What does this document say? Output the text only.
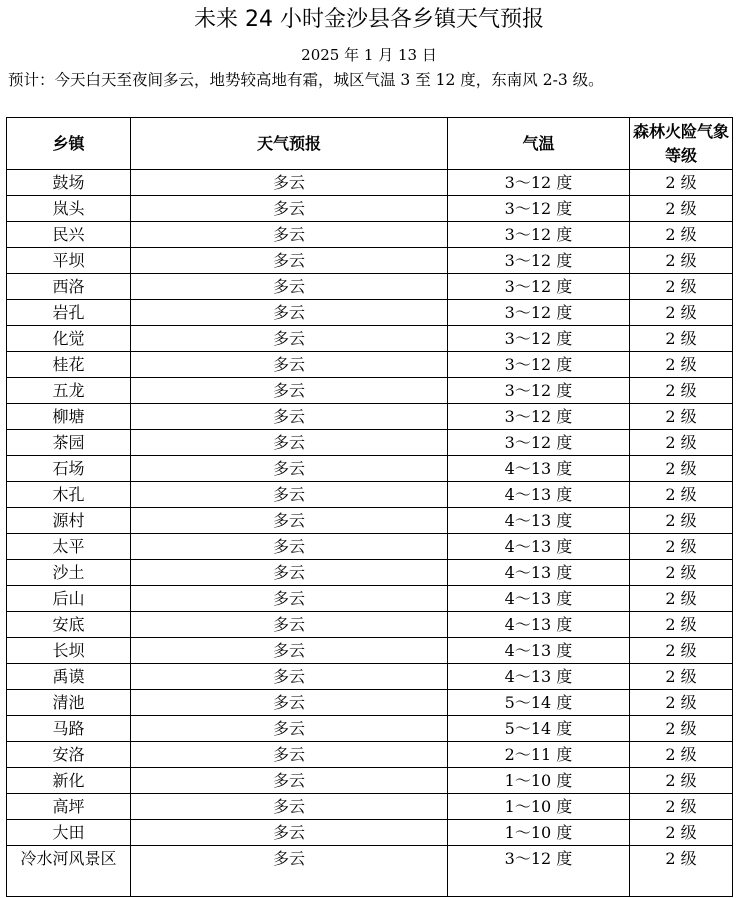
未来 24 小时金沙县各乡镇天气预报
2025 年 1 月 13 日
预计：今天白天至夜间多云，地势较高地有霜，城区气温 3 至 12 度，东南风 2-3 级。
乡镇	天气预报	气温	森林火险气象等级
鼓场	多云	3～12 度	2 级
岚头	多云	3～12 度	2 级
民兴	多云	3～12 度	2 级
平坝	多云	3～12 度	2 级
西洛	多云	3～12 度	2 级
岩孔	多云	3～12 度	2 级
化觉	多云	3～12 度	2 级
桂花	多云	3～12 度	2 级
五龙	多云	3～12 度	2 级
柳塘	多云	3～12 度	2 级
茶园	多云	3～12 度	2 级
石场	多云	4～13 度	2 级
木孔	多云	4～13 度	2 级
源村	多云	4～13 度	2 级
太平	多云	4～13 度	2 级
沙土	多云	4～13 度	2 级
后山	多云	4～13 度	2 级
安底	多云	4～13 度	2 级
长坝	多云	4～13 度	2 级
禹谟	多云	4～13 度	2 级
清池	多云	5～14 度	2 级
马路	多云	5～14 度	2 级
安洛	多云	2～11 度	2 级
新化	多云	1～10 度	2 级
高坪	多云	1～10 度	2 级
大田	多云	1～10 度	2 级
冷水河风景区	多云	3～12 度	2 级
